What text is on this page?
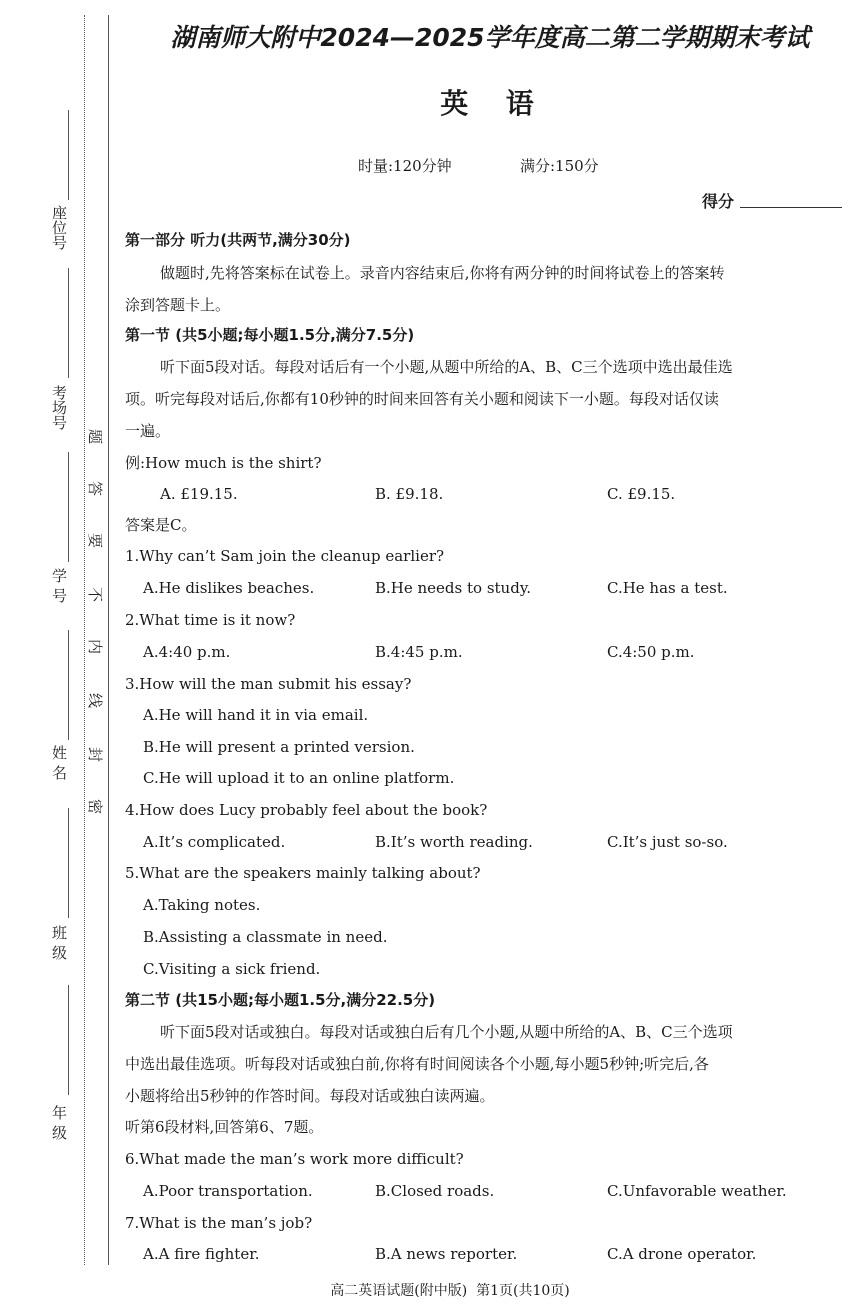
座位号
考场号
学 号
姓 名
班 级
年 级
题
答
要
不
内
线
封
密
湖南师大附中2024—2025学年度高二第二学期期末考试
英  语
时量:120分钟	满分:150分
得分
第一部分 听力(共两节,满分30分)
做题时,先将答案标在试卷上。录音内容结束后,你将有两分钟的时间将试卷上的答案转
涂到答题卡上。
第一节 (共5小题;每小题1.5分,满分7.5分)
听下面5段对话。每段对话后有一个小题,从题中所给的A、B、C三个选项中选出最佳选
项。听完每段对话后,你都有10秒钟的时间来回答有关小题和阅读下一小题。每段对话仅读
一遍。
例:How much is the shirt?
A. £19.15.	B. £9.18.	C. £9.15.
答案是C。
1.Why can’t Sam join the cleanup earlier?
A.He dislikes beaches.	B.He needs to study.	C.He has a test.
2.What time is it now?
A.4:40 p.m.	B.4:45 p.m.	C.4:50 p.m.
3.How will the man submit his essay?
A.He will hand it in via email.
B.He will present a printed version.
C.He will upload it to an online platform.
4.How does Lucy probably feel about the book?
A.It’s complicated.	B.It’s worth reading.	C.It’s just so-so.
5.What are the speakers mainly talking about?
A.Taking notes.
B.Assisting a classmate in need.
C.Visiting a sick friend.
第二节 (共15小题;每小题1.5分,满分22.5分)
听下面5段对话或独白。每段对话或独白后有几个小题,从题中所给的A、B、C三个选项
中选出最佳选项。听每段对话或独白前,你将有时间阅读各个小题,每小题5秒钟;听完后,各
小题将给出5秒钟的作答时间。每段对话或独白读两遍。
听第6段材料,回答第6、7题。
6.What made the man’s work more difficult?
A.Poor transportation.	B.Closed roads.	C.Unfavorable weather.
7.What is the man’s job?
A.A fire fighter.	B.A news reporter.	C.A drone operator.
高二英语试题(附中版)  第1页(共10页)
